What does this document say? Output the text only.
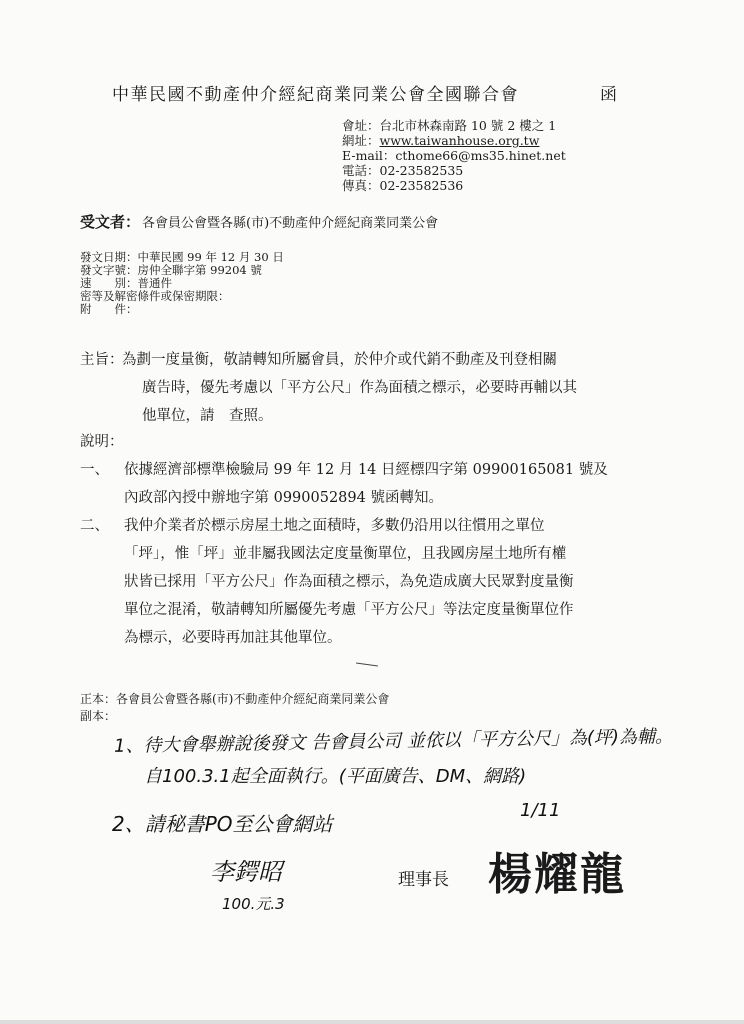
中華民國不動產仲介經紀商業同業公會全國聯合會	函
會址：台北市林森南路 10 號 2 樓之 1
網址：www.taiwanhouse.org.tw
E-mail：cthome66@ms35.hinet.net
電話：02-23582535
傳真：02-23582536
受文者： 各會員公會暨各縣(市)不動產仲介經紀商業同業公會
發文日期：中華民國 99 年 12 月 30 日
發文字號：房仲全聯字第 99204 號
速　　別：普通件
密等及解密條件或保密期限：
附　　件：
主旨：
為劃一度量衡，敬請轉知所屬會員，於仲介或代銷不動產及刊登相關
廣告時，優先考慮以「平方公尺」作為面積之標示，必要時再輔以其
他單位，請　查照。
說明：
一、 依據經濟部標準檢驗局 99 年 12 月 14 日經標四字第 09900165081 號及
內政部內授中辦地字第 0990052894 號函轉知。
二、 我仲介業者於標示房屋土地之面積時，多數仍沿用以往慣用之單位
「坪」，惟「坪」並非屬我國法定度量衡單位，且我國房屋土地所有權
狀皆已採用「平方公尺」作為面積之標示，為免造成廣大民眾對度量衡
單位之混淆，敬請轉知所屬優先考慮「平方公尺」等法定度量衡單位作
為標示，必要時再加註其他單位。
正本：各會員公會暨各縣(市)不動產仲介經紀商業同業公會
副本：
1、待大會舉辦說後發文 告會員公司 並依以「平方公尺」為(坪)為輔。
自100.3.1起全面執行。(平面廣告、DM、網路)
2、請秘書PO至公會網站
1/11
李鍔昭
100.元.3
理事長 楊耀龍
